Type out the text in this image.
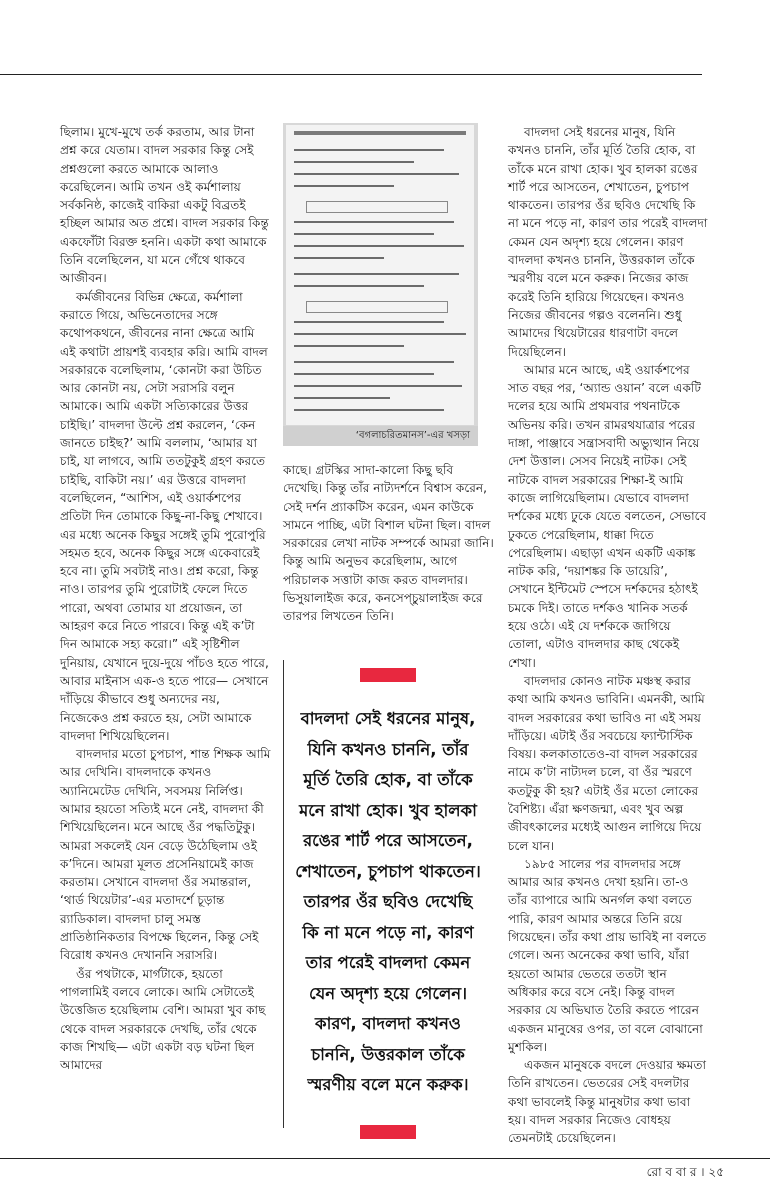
ছিলাম। মুখে-মুখে তর্ক করতাম, আর টানা প্রশ্ন করে যেতাম। বাদল সরকার কিন্তু সেই প্রশ্নগুলো করতে আমাকে আলাও করেছিলেন। আমি তখন ওই কর্মশালায় সর্বকনিষ্ঠ, কাজেই বাকিরা একটু বিব্রতই হচ্ছিল আমার অত প্রশ্নে। বাদল সরকার কিন্তু একফোঁটা বিরক্ত হননি। একটা কথা আমাকে তিনি বলেছিলেন, যা মনে গেঁথে থাকবে আজীবন।

কর্মজীবনের বিভিন্ন ক্ষেত্রে, কর্মশালা করাতে গিয়ে, অভিনেতাদের সঙ্গে কথোপকথনে, জীবনের নানা ক্ষেত্রে আমি এই কথাটা প্রায়শই ব্যবহার করি। আমি বাদল সরকারকে বলেছিলাম, ‘কোনটা করা উচিত আর কোনটা নয়, সেটা সরাসরি বলুন আমাকে। আমি একটা সত্যিকারের উত্তর চাইছি।’ বাদলদা উল্টে প্রশ্ন করলেন, ‘কেন জানতে চাইছ?’ আমি বললাম, ‘আমার যা চাই, যা লাগবে, আমি ততটুকুই গ্রহণ করতে চাইছি, বাকিটা নয়।’ এর উত্তরে বাদলদা বলেছিলেন, “আশিস, এই ওয়ার্কশপের প্রতিটা দিন তোমাকে কিছু-না-কিছু শেখাবে। এর মধ্যে অনেক কিছুর সঙ্গেই তুমি পুরোপুরি সহমত হবে, অনেক কিছুর সঙ্গে একেবারেই হবে না। তুমি সবটাই নাও। প্রশ্ন করো, কিন্তু নাও। তারপর তুমি পুরোটাই ফেলে দিতে পারো, অথবা তোমার যা প্রয়োজন, তা আহরণ করে নিতে পারবে। কিন্তু এই ক’টা দিন আমাকে সহ্য করো।” এই সৃষ্টিশীল দুনিয়ায়, যেখানে দুয়ে-দুয়ে পাঁচও হতে পারে, আবার মাইনাস এক-ও হতে পারে— সেখানে দাঁড়িয়ে কীভাবে শুধু অন্যদের নয়, নিজেকেও প্রশ্ন করতে হয়, সেটা আমাকে বাদলদা শিখিয়েছিলেন।

বাদলদার মতো চুপচাপ, শান্ত শিক্ষক আমি আর দেখিনি। বাদলদাকে কখনও অ্যানিমেটেড দেখিনি, সবসময় নির্লিপ্ত। আমার হয়তো সত্যিই মনে নেই, বাদলদা কী শিখিয়েছিলেন। মনে আছে ওঁর পদ্ধতিটুকু। আমরা সকলেই যেন বেড়ে উঠেছিলাম ওই ক’দিনে। আমরা মূলত প্রসেনিয়ামেই কাজ করতাম। সেখানে বাদলদা ওঁর সমান্তরাল, ‘থার্ড থিয়েটার’-এর মতাদর্শে চূড়ান্ত র‍্যাডিকাল। বাদলদা চালু সমস্ত প্রাতিষ্ঠানিকতার বিপক্ষে ছিলেন, কিন্তু সেই বিরোধ কখনও দেখাননি সরাসরি।

ওঁর পথটাকে, মার্গটাকে, হয়তো পাগলামিই বলবে লোকে। আমি সেটাতেই উত্তেজিত হয়েছিলাম বেশি। আমরা খুব কাছ থেকে বাদল সরকারকে দেখছি, তাঁর থেকে কাজ শিখছি— এটা একটা বড় ঘটনা ছিল আমাদের

‘বগলাচরিতমানস’-এর খসড়া

কাছে। গ্রটস্কির সাদা-কালো কিছু ছবি দেখেছি। কিন্তু তাঁর নাট্যদর্শনে বিশ্বাস করেন, সেই দর্শন প্র্যাকটিস করেন, এমন কাউকে সামনে পাচ্ছি, এটা বিশাল ঘটনা ছিল। বাদল সরকারের লেখা নাটক সম্পর্কে আমরা জানি। কিন্তু আমি অনুভব করেছিলাম, আগে পরিচালক সত্তাটা কাজ করত বাদলদার। ভিসুয়ালাইজ করে, কনসেপ্চুয়ালাইজ করে তারপর লিখতেন তিনি।

বাদলদা সেই ধরনের মানুষ, যিনি কখনও চাননি, তাঁর মূর্তি তৈরি হোক, বা তাঁকে মনে রাখা হোক। খুব হালকা রঙের শার্ট পরে আসতেন, শেখাতেন, চুপচাপ থাকতেন। তারপর ওঁর ছবিও দেখেছি কি না মনে পড়ে না, কারণ তার পরেই বাদলদা কেমন যেন অদৃশ্য হয়ে গেলেন। কারণ, বাদলদা কখনও চাননি, উত্তরকাল তাঁকে স্মরণীয় বলে মনে করুক।

বাদলদা সেই ধরনের মানুষ, যিনি কখনও চাননি, তাঁর মূর্তি তৈরি হোক, বা তাঁকে মনে রাখা হোক। খুব হালকা রঙের শার্ট পরে আসতেন, শেখাতেন, চুপচাপ থাকতেন। তারপর ওঁর ছবিও দেখেছি কি না মনে পড়ে না, কারণ তার পরেই বাদলদা কেমন যেন অদৃশ্য হয়ে গেলেন। কারণ বাদলদা কখনও চাননি, উত্তরকাল তাঁকে স্মরণীয় বলে মনে করুক। নিজের কাজ করেই তিনি হারিয়ে গিয়েছেন। কখনও নিজের জীবনের গল্পও বলেননি। শুধু আমাদের থিয়েটারের ধারণাটা বদলে দিয়েছিলেন।

আমার মনে আছে, এই ওয়ার্কশপের সাত বছর পর, ‘অ্যান্ড ওয়ান’ বলে একটি দলের হয়ে আমি প্রথমবার পথনাটকে অভিনয় করি। তখন রামরথযাত্রার পরের দাঙ্গা, পাঞ্জাবে সন্ত্রাসবাদী অভ্যুত্থান নিয়ে দেশ উত্তাল। সেসব নিয়েই নাটক। সেই নাটকে বাদল সরকারের শিক্ষা-ই আমি কাজে লাগিয়েছিলাম। যেভাবে বাদলদা দর্শকের মধ্যে ঢুকে যেতে বলতেন, সেভাবে ঢুকতে পেরেছিলাম, ধাক্কা দিতে পেরেছিলাম। এছাড়া এখন একটি একাঙ্ক নাটক করি, ‘দয়াশঙ্কর কি ডায়েরি’, সেখানে ইন্টিমেট স্পেসে দর্শকদের হঠাৎই চমকে দিই। তাতে দর্শকও খানিক সতর্ক হয়ে ওঠে। এই যে দর্শককে জাগিয়ে তোলা, এটাও বাদলদার কাছ থেকেই শেখা।

বাদলদার কোনও নাটক মঞ্চস্থ করার কথা আমি কখনও ভাবিনি। এমনকী, আমি বাদল সরকারের কথা ভাবিও না এই সময় দাঁড়িয়ে। এটাই ওঁর সবচেয়ে ফ্যান্টাস্টিক বিষয়। কলকাতাতেও-বা বাদল সরকারের নামে ক’টা নাট্যদল চলে, বা ওঁর স্মরণে কতটুকু কী হয়? এটাই ওঁর মতো লোকের বৈশিষ্ট্য। এঁরা ক্ষণজন্মা, এবং খুব অল্প জীবৎকালের মধ্যেই আগুন লাগিয়ে দিয়ে চলে যান।

১৯৮৫ সালের পর বাদলদার সঙ্গে আমার আর কখনও দেখা হয়নি। তা-ও তাঁর ব্যাপারে আমি অনর্গল কথা বলতে পারি, কারণ আমার অন্তরে তিনি রয়ে গিয়েছেন। তাঁর কথা প্রায় ভাবিই না বলতে গেলে। অন্য অনেকের কথা ভাবি, যাঁরা হয়তো আমার ভেতরে ততটা স্থান অধিকার করে বসে নেই। কিন্তু বাদল সরকার যে অভিঘাত তৈরি করতে পারেন একজন মানুষের ওপর, তা বলে বোঝানো মুশকিল।

একজন মানুষকে বদলে দেওয়ার ক্ষমতা তিনি রাখতেন। ভেতরের সেই বদলটার কথা ভাবলেই কিন্তু মানুষটার কথা ভাবা হয়। বাদল সরকার নিজেও বোধহয় তেমনটাই চেয়েছিলেন।

রো ব বা র । ২৫
